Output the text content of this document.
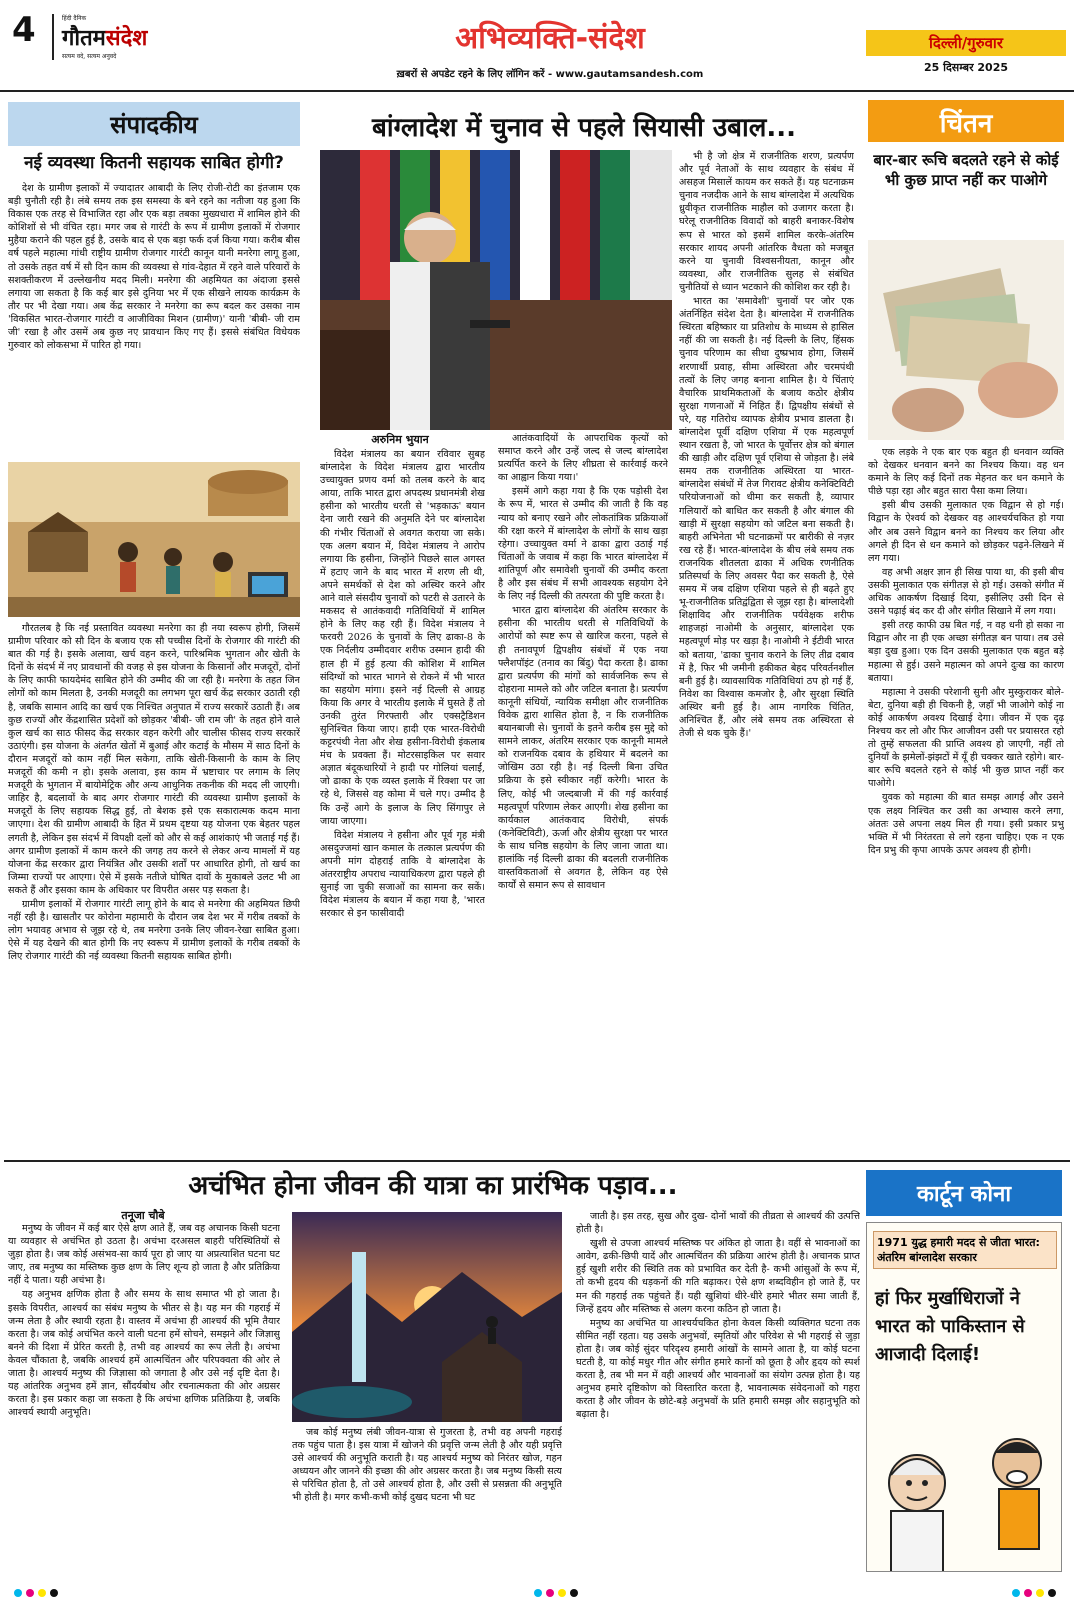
4	हिंदी दैनिक
गौतमसंदेश
सत्यम वदे, सत्यम अनुवदे
अभिव्यक्ति-संदेश
ख़बरों से अपडेट रहने के लिए लॉगिन करें - www.gautamsandesh.com
दिल्ली/गुरुवार
25 दिसम्बर 2025
संपादकीय
नई व्यवस्था कितनी सहायक साबित होगी?

देश के ग्रामीण इलाकों में ज्यादातर आबादी के लिए रोजी-रोटी का इंतजाम एक बड़ी चुनौती रही है। लंबे समय तक इस समस्या के बने रहने का नतीजा यह हुआ कि विकास एक तरह से विभाजित रहा और एक बड़ा तबका मुख्यधारा में शामिल होने की कोशिशों से भी वंचित रहा। मगर जब से गारंटी के रूप में ग्रामीण इलाकों में रोजगार मुहैया कराने की पहल हुई है, उसके बाद से एक बड़ा फर्क दर्ज किया गया। करीब बीस वर्ष पहले महात्मा गांधी राष्ट्रीय ग्रामीण रोजगार गारंटी कानून यानी मनरेगा लागू हुआ, तो उसके तहत वर्ष में सौ दिन काम की व्यवस्था से गांव-देहात में रहने वाले परिवारों के सशक्तीकरण में उल्लेखनीय मदद मिली। मनरेगा की अहमियत का अंदाजा इससे लगाया जा सकता है कि कई बार इसे दुनिया भर में एक सीखने लायक कार्यक्रम के तौर पर भी देखा गया। अब केंद्र सरकार ने मनरेगा का रूप बदल कर उसका नाम 'विकसित भारत-रोजगार गारंटी व आजीविका मिशन (ग्रामीण)' यानी 'बीबी- जी राम जी' रखा है और उसमें अब कुछ नए प्रावधान किए गए हैं। इससे संबंधित विधेयक गुरुवार को लोकसभा में पारित हो गया।

गौरतलब है कि नई प्रस्तावित व्यवस्था मनरेगा का ही नया स्वरूप होगी, जिसमें ग्रामीण परिवार को सौ दिन के बजाय एक सौ पच्चीस दिनों के रोजगार की गारंटी की बात की गई है। इसके अलावा, खर्च वहन करने, पारिश्रमिक भुगतान और खेती के दिनों के संदर्भ में नए प्रावधानों की वजह से इस योजना के किसानों और मजदूरों, दोनों के लिए काफी फायदेमंद साबित होने की उम्मीद की जा रही है। मनरेगा के तहत जिन लोगों को काम मिलता है, उनकी मजदूरी का लगभग पूरा खर्च केंद्र सरकार उठाती रही है, जबकि सामान आदि का खर्च एक निश्चित अनुपात में राज्य सरकारें उठाती हैं। अब कुछ राज्यों और केंद्रशासित प्रदेशों को छोड़कर 'बीबी- जी राम जी' के तहत होने वाले कुल खर्च का साठ फीसद केंद्र सरकार वहन करेगी और चालीस फीसद राज्य सरकारें उठाएंगी। इस योजना के अंतर्गत खेतों में बुआई और कटाई के मौसम में साठ दिनों के दौरान मजदूरों को काम नहीं मिल सकेगा, ताकि खेती-किसानी के काम के लिए मजदूरों की कमी न हो। इसके अलावा, इस काम में भ्रष्टाचार पर लगाम के लिए मजदूरी के भुगतान में बायोमेट्रिक और अन्य आधुनिक तकनीक की मदद ली जाएगी। जाहिर है, बदलावों के बाद अगर रोजगार गारंटी की व्यवस्था ग्रामीण इलाकों के मजदूरों के लिए सहायक सिद्ध हुई, तो बेशक इसे एक सकारात्मक कदम माना जाएगा। देश की ग्रामीण आबादी के हित में प्रथम दृष्टया यह योजना एक बेहतर पहल लगती है, लेकिन इस संदर्भ में विपक्षी दलों को और से कई आशंकाएं भी जताई गई हैं। अगर ग्रामीण इलाकों में काम करने की जगह तय करने से लेकर अन्य मामलों में यह योजना केंद्र सरकार द्वारा नियंत्रित और उसकी शर्तों पर आधारित होगी, तो खर्च का जिम्मा राज्यों पर आएगा। ऐसे में इसके नतीजे घोषित दावों के मुकाबले उलट भी आ सकते हैं और इसका काम के अधिकार पर विपरीत असर पड़ सकता है।

ग्रामीण इलाकों में रोजगार गारंटी लागू होने के बाद से मनरेगा की अहमियत छिपी नहीं रही है। खासतौर पर कोरोना महामारी के दौरान जब देश भर में गरीब तबकों के लोग भयावह अभाव से जूझ रहे थे, तब मनरेगा उनके लिए जीवन-रेखा साबित हुआ। ऐसे में यह देखने की बात होगी कि नए स्वरूप में ग्रामीण इलाकों के गरीब तबकों के लिए रोजगार गारंटी की नई व्यवस्था कितनी सहायक साबित होगी।

बांग्लादेश में चुनाव से पहले सियासी उबाल...
अरुनिम भुयान

विदेश मंत्रालय का बयान रविवार सुबह बांग्लादेश के विदेश मंत्रालय द्वारा भारतीय उच्चायुक्त प्रणय वर्मा को तलब करने के बाद आया, ताकि भारत द्वारा अपदस्थ प्रधानमंत्री शेख हसीना को भारतीय धरती से 'भड़काऊ' बयान देना जारी रखने की अनुमति देने पर बांग्लादेश की गंभीर चिंताओं से अवगत कराया जा सके। एक अलग बयान में, विदेश मंत्रालय ने आरोप लगाया कि हसीना, जिन्होंने पिछले साल अगस्त में हटाए जाने के बाद भारत में शरण ली थी, अपने समर्थकों से देश को अस्थिर करने और आने वाले संसदीय चुनावों को पटरी से उतारने के मकसद से आतंकवादी गतिविधियों में शामिल होने के लिए कह रही हैं। विदेश मंत्रालय ने फरवरी 2026 के चुनावों के लिए ढाका-8 के एक निर्दलीय उम्मीदवार शरीफ उस्मान हादी की हाल ही में हुई हत्या की कोशिश में शामिल संदिग्धों को भारत भागने से रोकने में भी भारत का सहयोग मांगा। इसने नई दिल्ली से आग्रह किया कि अगर वे भारतीय इलाके में घुसते हैं तो उनकी तुरंत गिरफ्तारी और एक्सट्रैडिशन सुनिश्चित किया जाए। हादी एक भारत-विरोधी कट्टरपंथी नेता और शेख हसीना-विरोधी इंकलाब मंच के प्रवक्ता हैं। मोटरसाइकिल पर सवार अज्ञात बंदूकधारियों ने हादी पर गोलियां चलाईं, जो ढाका के एक व्यस्त इलाके में रिक्शा पर जा रहे थे, जिससे वह कोमा में चले गए। उम्मीद है कि उन्हें आगे के इलाज के लिए सिंगापुर ले जाया जाएगा।

विदेश मंत्रालय ने हसीना और पूर्व गृह मंत्री असदुज्जमां खान कमाल के तत्काल प्रत्यर्पण की अपनी मांग दोहराई ताकि वे बांग्लादेश के अंतरराष्ट्रीय अपराध न्यायाधिकरण द्वारा पहले ही सुनाई जा चुकी सजाओं का सामना कर सकें। विदेश मंत्रालय के बयान में कहा गया है, 'भारत सरकार से इन फासीवादी

आतंकवादियों के आपराधिक कृत्यों को समाप्त करने और उन्हें जल्द से जल्द बांग्लादेश प्रत्यर्पित करने के लिए शीघ्रता से कार्रवाई करने का आह्वान किया गया।'

इसमें आगे कहा गया है कि एक पड़ोसी देश के रूप में, भारत से उम्मीद की जाती है कि वह न्याय को बनाए रखने और लोकतांत्रिक प्रक्रियाओं की रक्षा करने में बांग्लादेश के लोगों के साथ खड़ा रहेगा। उच्चायुक्त वर्मा ने ढाका द्वारा उठाई गई चिंताओं के जवाब में कहा कि भारत बांग्लादेश में शांतिपूर्ण और समावेशी चुनावों की उम्मीद करता है और इस संबंध में सभी आवश्यक सहयोग देने के लिए नई दिल्ली की तत्परता की पुष्टि करता है।

भारत द्वारा बांग्लादेश की अंतरिम सरकार के हसीना की भारतीय धरती से गतिविधियों के आरोपों को स्पष्ट रूप से खारिज करना, पहले से ही तनावपूर्ण द्विपक्षीय संबंधों में एक नया फ्लैशपॉइंट (तनाव का बिंदु) पैदा करता है। ढाका द्वारा प्रत्यर्पण की मांगों को सार्वजनिक रूप से दोहराना मामले को और जटिल बनाता है। प्रत्यर्पण कानूनी संधियों, न्यायिक समीक्षा और राजनीतिक विवेक द्वारा शासित होता है, न कि राजनीतिक बयानबाजी से। चुनावों के इतने करीब इस मुद्दे को सामने लाकर, अंतरिम सरकार एक कानूनी मामले को राजनयिक दबाव के हथियार में बदलने का जोखिम उठा रही है। नई दिल्ली बिना उचित प्रक्रिया के इसे स्वीकार नहीं करेगी। भारत के लिए, कोई भी जल्दबाजी में की गई कार्रवाई महत्वपूर्ण परिणाम लेकर आएगी। शेख हसीना का कार्यकाल आतंकवाद विरोधी, संपर्क (कनेक्टिविटी), ऊर्जा और क्षेत्रीय सुरक्षा पर भारत के साथ घनिष्ठ सहयोग के लिए जाना जाता था। हालांकि नई दिल्ली ढाका की बदलती राजनीतिक वास्तविकताओं से अवगत है, लेकिन वह ऐसे कार्यों से समान रूप से सावधान

भी है जो क्षेत्र में राजनीतिक शरण, प्रत्यर्पण और पूर्व नेताओं के साथ व्यवहार के संबंध में असहज मिसालें कायम कर सकते हैं। यह घटनाक्रम चुनाव नजदीक आने के साथ बांग्लादेश में अत्यधिक ध्रुवीकृत राजनीतिक माहौल को उजागर करता है। घरेलू राजनीतिक विवादों को बाहरी बनाकर-विशेष रूप से भारत को इसमें शामिल करके-अंतरिम सरकार शायद अपनी आंतरिक वैधता को मजबूत करने या चुनावी विश्वसनीयता, कानून और व्यवस्था, और राजनीतिक सुलह से संबंधित चुनौतियों से ध्यान भटकाने की कोशिश कर रही है।

भारत का 'समावेशी' चुनावों पर जोर एक अंतर्निहित संदेश देता है। बांग्लादेश में राजनीतिक स्थिरता बहिष्कार या प्रतिशोध के माध्यम से हासिल नहीं की जा सकती है। नई दिल्ली के लिए, हिंसक चुनाव परिणाम का सीधा दुष्प्रभाव होगा, जिसमें शरणार्थी प्रवाह, सीमा अस्थिरता और चरमपंथी तत्वों के लिए जगह बनाना शामिल है। ये चिंताएं वैचारिक प्राथमिकताओं के बजाय कठोर क्षेत्रीय सुरक्षा गणनाओं में निहित हैं। द्विपक्षीय संबंधों से परे, यह गतिरोध व्यापक क्षेत्रीय प्रभाव डालता है। बांग्लादेश पूर्वी दक्षिण एशिया में एक महत्वपूर्ण स्थान रखता है, जो भारत के पूर्वोत्तर क्षेत्र को बंगाल की खाड़ी और दक्षिण पूर्व एशिया से जोड़ता है। लंबे समय तक राजनीतिक अस्थिरता या भारत-बांग्लादेश संबंधों में तेज गिरावट क्षेत्रीय कनेक्टिविटी परियोजनाओं को धीमा कर सकती है, व्यापार गलियारों को बाधित कर सकती है और बंगाल की खाड़ी में सुरक्षा सहयोग को जटिल बना सकती है। बाहरी अभिनेता भी घटनाक्रमों पर बारीकी से नज़र रख रहे हैं। भारत-बांग्लादेश के बीच लंबे समय तक राजनयिक शीतलता ढाका में अधिक रणनीतिक प्रतिस्पर्धा के लिए अवसर पैदा कर सकती है, ऐसे समय में जब दक्षिण एशिया पहले से ही बढ़ते हुए भू-राजनीतिक प्रतिद्वंद्विता से जूझ रहा है। बांग्लादेशी शिक्षाविद और राजनीतिक पर्यवेक्षक शरीफ शाहजहां नाओमी के अनुसार, बांग्लादेश एक महत्वपूर्ण मोड़ पर खड़ा है। नाओमी ने ईटीवी भारत को बताया, 'ढाका चुनाव कराने के लिए तीव्र दबाव में है, फिर भी जमीनी हकीकत बेहद परिवर्तनशील बनी हुई है। व्यावसायिक गतिविधियां ठप हो गई हैं, निवेश का विश्वास कमजोर है, और सुरक्षा स्थिति अस्थिर बनी हुई है। आम नागरिक चिंतित, अनिश्चित हैं, और लंबे समय तक अस्थिरता से तेजी से थक चुके हैं।'

चिंतन
बार-बार रूचि बदलते रहने से कोई भी कुछ प्राप्त नहीं कर पाओगे

एक लड़के ने एक बार एक बहुत ही धनवान व्यक्ति को देखकर धनवान बनने का निश्चय किया। वह धन कमाने के लिए कई दिनों तक मेहनत कर धन कमाने के पीछे पड़ा रहा और बहुत सारा पैसा कमा लिया।

इसी बीच उसकी मुलाकात एक विद्वान से हो गई। विद्वान के ऐश्वर्य को देखकर वह आश्चर्यचकित हो गया और अब उसने विद्वान बनने का निश्चय कर लिया और अगले ही दिन से धन कमाने को छोड़कर पढ़ने-लिखने में लग गया।

वह अभी अक्षर ज्ञान ही सिख पाया था, की इसी बीच उसकी मुलाकात एक संगीतज्ञ से हो गई। उसको संगीत में अधिक आकर्षण दिखाई दिया, इसीलिए उसी दिन से उसने पढ़ाई बंद कर दी और संगीत सिखाने में लग गया।

इसी तरह काफी उम्र बित गई, न वह धनी हो सका ना विद्वान और ना ही एक अच्छा संगीतज्ञ बन पाया। तब उसे बड़ा दुख हुआ। एक दिन उसकी मुलाकात एक बहुत बड़े महात्मा से हुई। उसने महात्मन को अपने दुःख का कारण बताया।

महात्मा ने उसकी परेशानी सुनी और मुस्कुराकर बोले- बेटा, दुनिया बड़ी ही चिकनी है, जहाँ भी जाओगे कोई ना कोई आकर्षण अवश्य दिखाई देगा। जीवन में एक दृढ़ निश्चय कर लो और फिर आजीवन उसी पर प्रयासरत रहो तो तुम्हें सफलता की प्राप्ति अवश्य हो जाएगी, नहीं तो दुनियाँ के झमेलों-झंझटों में यूँ ही चक्कर खाते रहोगे। बार-बार रूचि बदलते रहने से कोई भी कुछ प्राप्त नहीं कर पाओगे।

युवक को महात्मा की बात समझ आगई और उसने एक लक्ष्य निश्चित कर उसी का अभ्यास करने लगा, अंततः उसे अपना लक्ष्य मिल ही गया। इसी प्रकार प्रभु भक्ति में भी निरंतरता से लगे रहना चाहिए। एक न एक दिन प्रभु की कृपा आपके ऊपर अवश्य ही होगी।

अचंभित होना जीवन की यात्रा का प्रारंभिक पड़ाव...
तनूजा चौबे

मनुष्य के जीवन में कई बार ऐसे क्षण आते हैं, जब वह अचानक किसी घटना या व्यवहार से अचंभित हो उठता है। अचंभा दरअसल बाहरी परिस्थितियों से जुड़ा होता है। जब कोई असंभव-सा कार्य पूरा हो जाए या अप्रत्याशित घटना घट जाए, तब मनुष्य का मस्तिष्क कुछ क्षण के लिए शून्य हो जाता है और प्रतिक्रिया नहीं दे पाता। यही अचंभा है।

यह अनुभव क्षणिक होता है और समय के साथ समाप्त भी हो जाता है। इसके विपरीत, आश्चर्य का संबंध मनुष्य के भीतर से है। यह मन की गहराई में जन्म लेता है और स्थायी रहता है। वास्तव में अचंभा ही आश्चर्य की भूमि तैयार करता है। जब कोई अचंभित करने वाली घटना हमें सोचने, समझने और जिज्ञासु बनने की दिशा में प्रेरित करती है, तभी वह आश्चर्य का रूप लेती है। अचंभा केवल चौंकाता है, जबकि आश्चर्य हमें आत्मचिंतन और परिपक्वता की ओर ले जाता है। आश्चर्य मनुष्य की जिज्ञासा को जगाता है और उसे नई दृष्टि देता है। यह आंतरिक अनुभव हमें ज्ञान, सौंदर्यबोध और रचनात्मकता की ओर अग्रसर करता है। इस प्रकार कहा जा सकता है कि अचंभा क्षणिक प्रतिक्रिया है, जबकि आश्चर्य स्थायी अनुभूति।

जब कोई मनुष्य लंबी जीवन-यात्रा से गुजरता है, तभी वह अपनी गहराई तक पहुंच पाता है। इस यात्रा में खोजने की प्रवृत्ति जन्म लेती है और यही प्रवृत्ति उसे आश्चर्य की अनुभूति कराती है। यह आश्चर्य मनुष्य को निरंतर खोज, गहन अध्ययन और जानने की इच्छा की ओर अग्रसर करता है। जब मनुष्य किसी सत्य से परिचित होता है, तो उसे आश्चर्य होता है, और उसी से प्रसन्नता की अनुभूति भी होती है। मगर कभी-कभी कोई दुखद घटना भी घट

जाती है। इस तरह, सुख और दुख- दोनों भावों की तीव्रता से आश्चर्य की उत्पत्ति होती है।

खुशी से उपजा आश्चर्य मस्तिष्क पर अंकित हो जाता है। वहीं से भावनाओं का आवेग, ढकी-छिपी यादें और आत्मचिंतन की प्रक्रिया आरंभ होती है। अचानक प्राप्त हुई खुशी शरीर की स्थिति तक को प्रभावित कर देती है- कभी आंसुओं के रूप में, तो कभी हृदय की धड़कनों की गति बढ़ाकर। ऐसे क्षण शब्दविहीन हो जाते हैं, पर मन की गहराई तक पहुंचते हैं। यही खुशियां धीरे-धीरे हमारे भीतर समा जाती हैं, जिन्हें हृदय और मस्तिष्क से अलग करना कठिन हो जाता है।

मनुष्य का अचंभित या आश्चर्यचकित होना केवल किसी व्यक्तिगत घटना तक सीमित नहीं रहता। यह उसके अनुभवों, स्मृतियों और परिवेश से भी गहराई से जुड़ा होता है। जब कोई सुंदर परिदृश्य हमारी आंखों के सामने आता है, या कोई घटना घटती है, या कोई मधुर गीत और संगीत हमारे कानों को छूता है और हृदय को स्पर्श करता है, तब भी मन में वही आश्चर्य और भावनाओं का संयोग उत्पन्न होता है। यह अनुभव हमारे दृष्टिकोण को विस्तारित करता है, भावनात्मक संवेदनाओं को गहरा करता है और जीवन के छोटे-बड़े अनुभवों के प्रति हमारी समझ और सहानुभूति को बढ़ाता है।

कार्टून कोना
1971 युद्ध हमारी मदद से जीता भारत: अंतरिम बांग्लादेश सरकार
हां फिर मुर्खाधिराजों ने भारत को पाकिस्तान से आजादी दिलाई!
